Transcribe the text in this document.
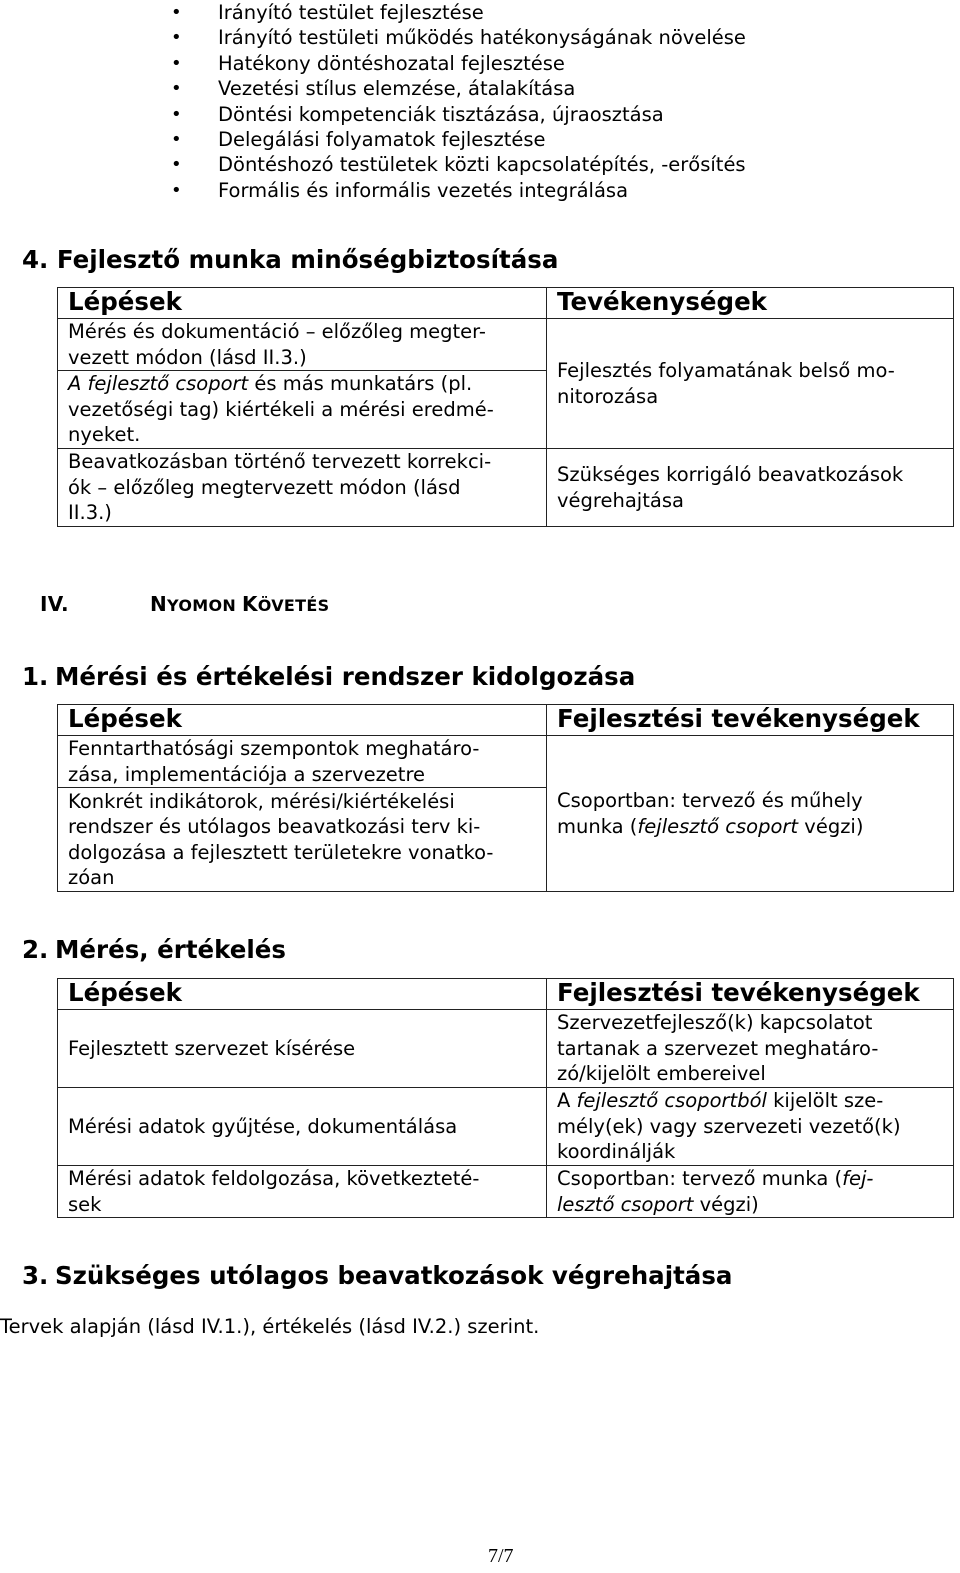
• Irányító testület fejlesztése
• Irányító testületi működés hatékonyságának növelése
• Hatékony döntéshozatal fejlesztése
• Vezetési stílus elemzése, átalakítása
• Döntési kompetenciák tisztázása, újraosztása
• Delegálási folyamatok fejlesztése
• Döntéshozó testületek közti kapcsolatépítés, -erősítés
• Formális és informális vezetés integrálása
4. Fejlesztő munka minőségbiztosítása
Lépések	Tevékenységek

Mérés és dokumentáció – előzőleg megter-
vezett módon (lásd II.3.)	Fejlesztés folyamatának belső mo-
nitorozása

A fejlesztő csoport és más munkatárs (pl.
vezetőségi tag) kiértékeli a mérési eredmé-
nyeket.	

Beavatkozásban történő tervezett korrekci-
ók – előzőleg megtervezett módon (lásd
II.3.)	Szükséges korrigáló beavatkozások
végrehajtása
IV.	NYOMON KÖVETÉS
1. Mérési és értékelési rendszer kidolgozása
Lépések	Fejlesztési tevékenységek

Fenntarthatósági szempontok meghatáro-
zása, implementációja a szervezetre	Csoportban: tervező és műhely
munka (fejlesztő csoport végzi)

Konkrét indikátorok, mérési/kiértékelési
rendszer és utólagos beavatkozási terv ki-
dolgozása a fejlesztett területekre vonatko-
zóan	
2. Mérés, értékelés
Lépések	Fejlesztési tevékenységek

Fejlesztett szervezet kísérése	Szervezetfejlesző(k) kapcsolatot
tartanak a szervezet meghatáro-
zó/kijelölt embereivel

Mérési adatok gyűjtése, dokumentálása	A fejlesztő csoportból kijelölt sze-
mély(ek) vagy szervezeti vezető(k)
koordinálják

Mérési adatok feldolgozása, következteté-
sek	Csoportban: tervező munka (fej-
lesztő csoport végzi)
3. Szükséges utólagos beavatkozások végrehajtása
Tervek alapján (lásd IV.1.), értékelés (lásd IV.2.) szerint.
7/7
